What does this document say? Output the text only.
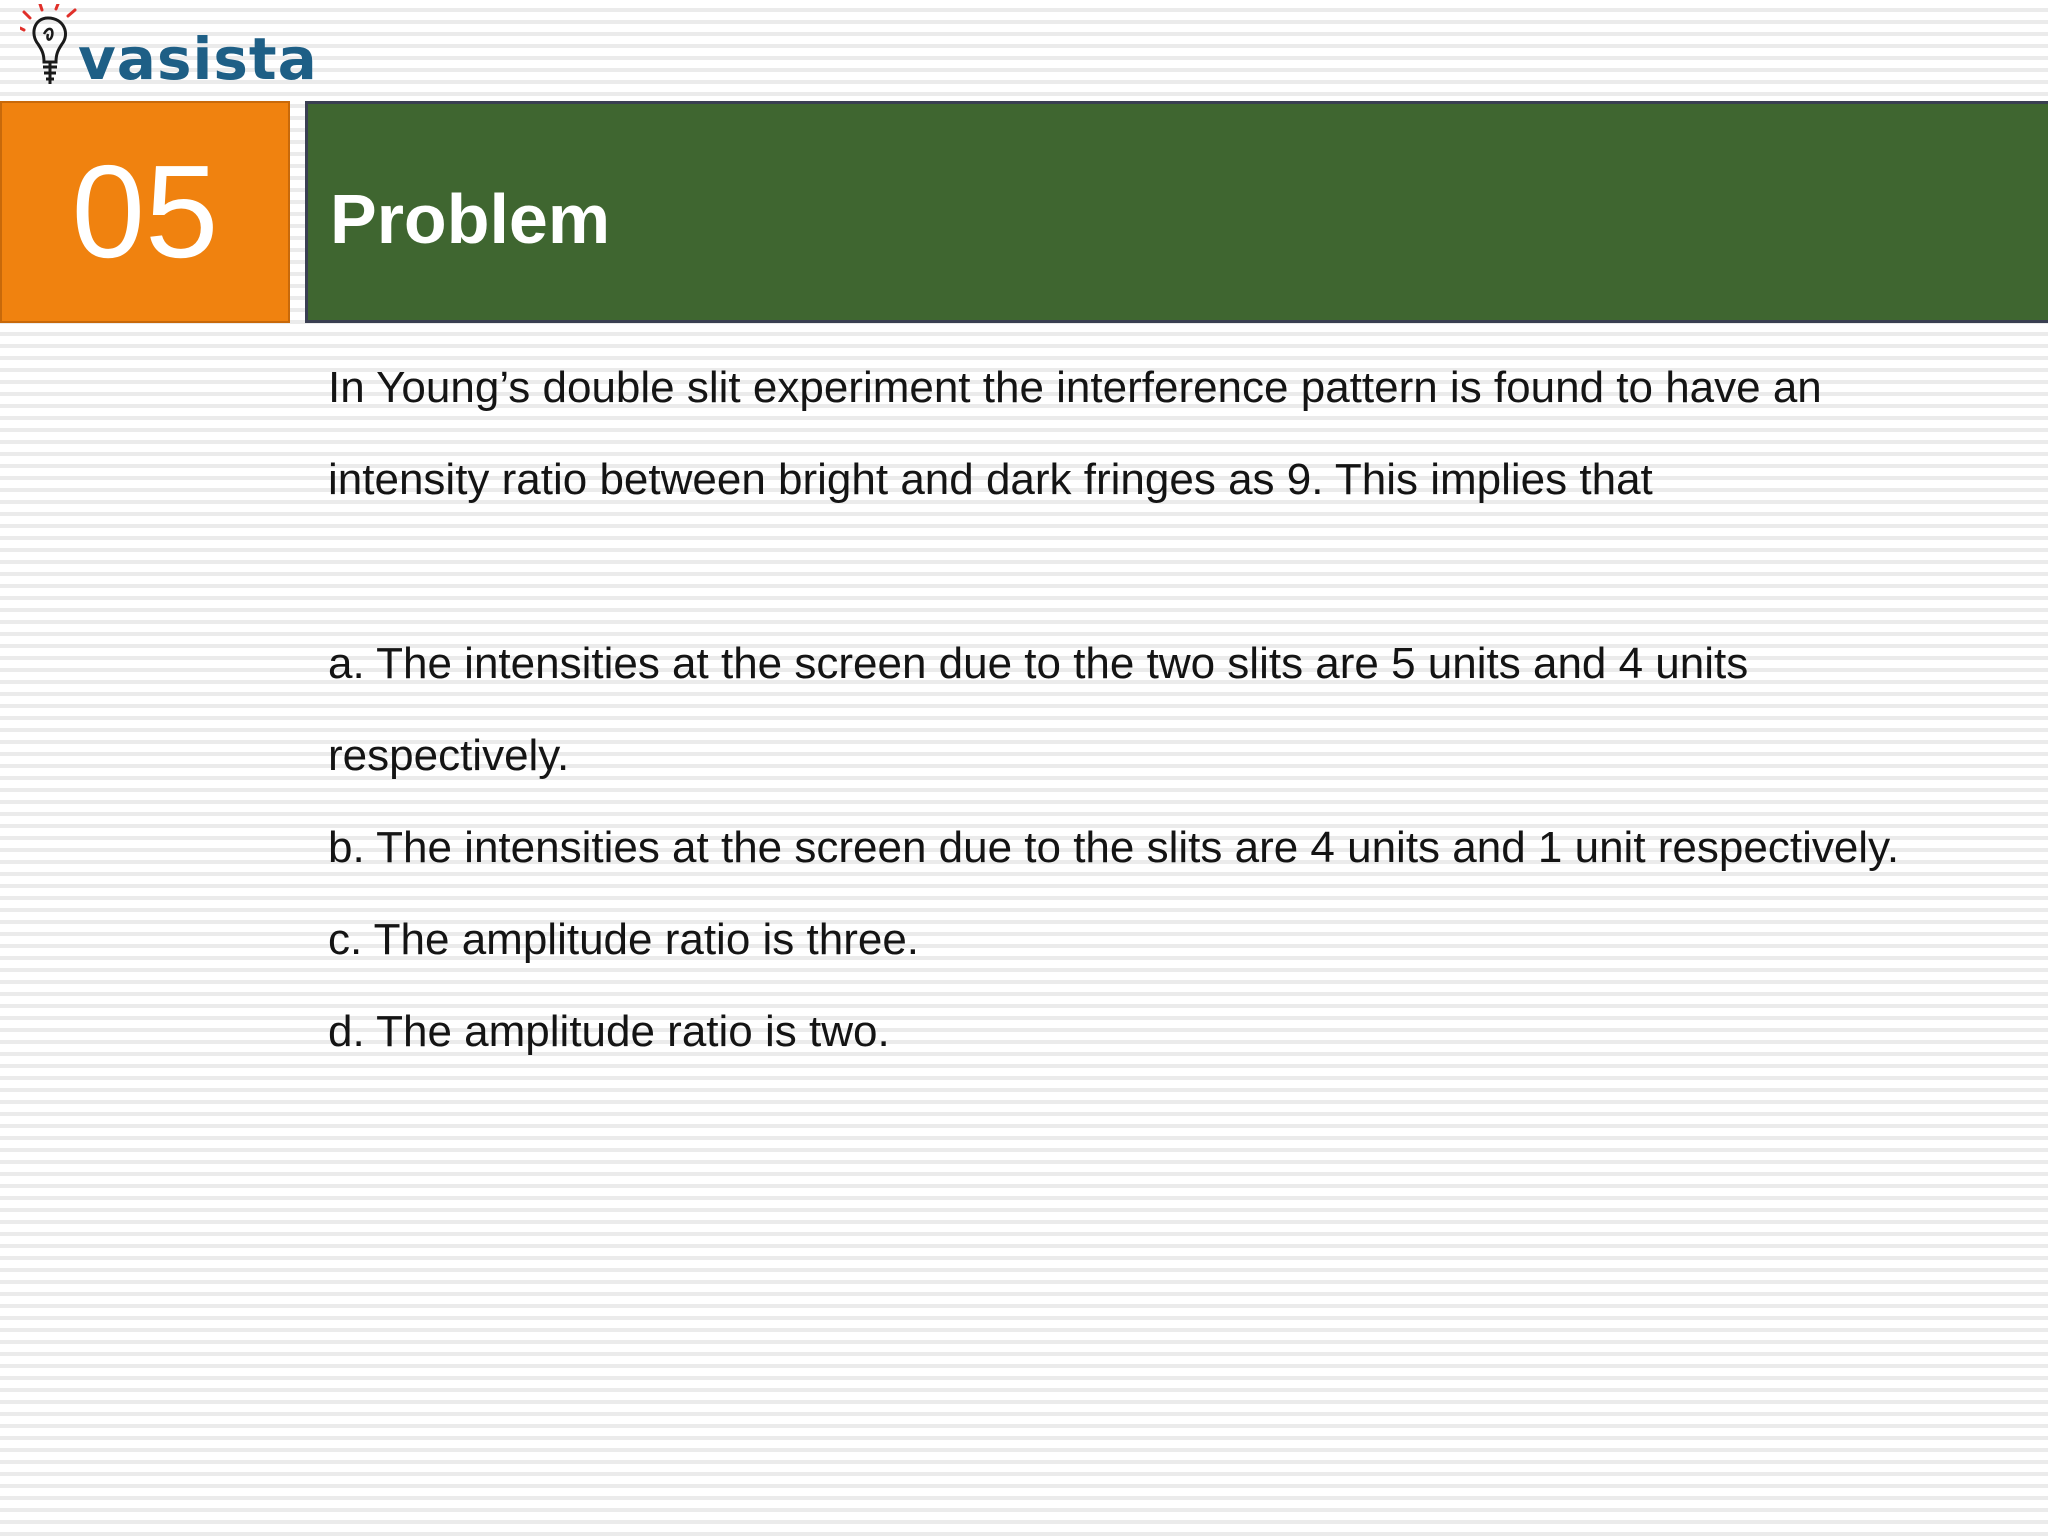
vasista
05 Problem

In Young’s double slit experiment the interference pattern is found to have an

intensity ratio between bright and dark fringes as 9. This implies that

a. The intensities at the screen due to the two slits are 5 units and 4 units

respectively.

b. The intensities at the screen due to the slits are 4 units and 1 unit respectively.

c. The amplitude ratio is three.

d. The amplitude ratio is two.
